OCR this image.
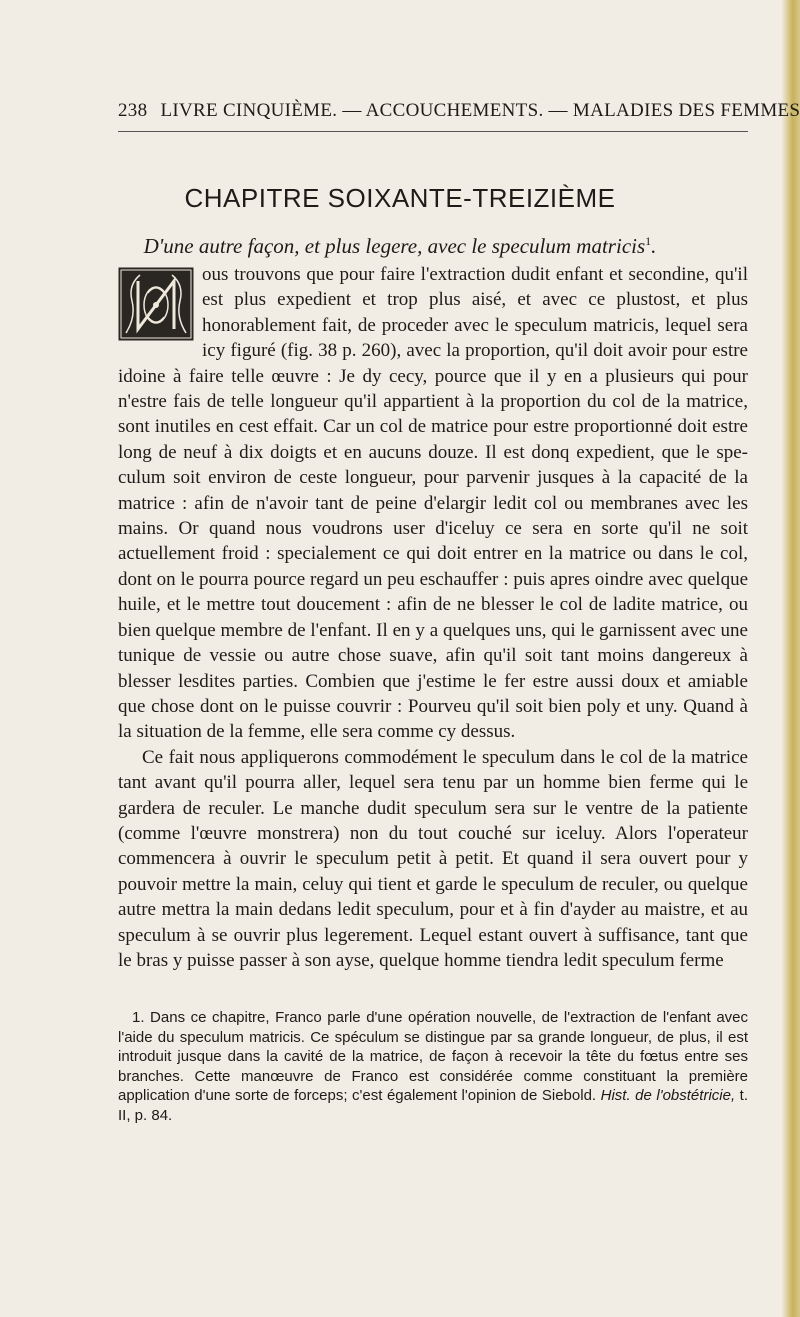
238 LIVRE CINQUIÈME. — ACCOUCHEMENTS. — MALADIES DES FEMMES
CHAPITRE SOIXANTE-TREIZIÈME
D'une autre façon, et plus legere, avec le speculum matricis$^1$.

ous trouvons que pour faire l'extraction dudit enfant et secondine, qu'il est plus expedient et trop plus aisé, et avec ce plustost, et plus honorablement fait, de proceder avec le speculum matricis, lequel sera icy figuré (fig. 38 p. 260), avec la proportion, qu'il doit avoir pour estre idoine à faire telle œuvre : Je dy cecy, pource que il y en a plusieurs qui pour n'estre fais de telle longueur qu'il appartient à la proportion du col de la matrice, sont inutiles en cest effait. Car un col de matrice pour estre proportionné doit estre long de neuf à dix doigts et en aucuns douze. Il est donq expedient, que le speculum soit environ de ceste longueur, pour parvenir jusques à la capacité de la matrice : afin de n'avoir tant de peine d'elargir ledit col ou membranes avec les mains. Or quand nous voudrons user d'iceluy ce sera en sorte qu'il ne soit actuellement froid : specialement ce qui doit entrer en la matrice ou dans le col, dont on le pourra pource regard un peu eschauffer : puis apres oindre avec quelque huile, et le mettre tout doucement : afin de ne blesser le col de ladite matrice, ou bien quelque membre de l'enfant. Il en y a quelques uns, qui le garnissent avec une tunique de vessie ou autre chose suave, afin qu'il soit tant moins dangereux à blesser lesdites parties. Combien que j'estime le fer estre aussi doux et amiable que chose dont on le puisse couvrir : Pourveu qu'il soit bien poly et uny. Quand à la situation de la femme, elle sera comme cy dessus.

Ce fait nous appliquerons commodément le speculum dans le col de la matrice tant avant qu'il pourra aller, lequel sera tenu par un homme bien ferme qui le gardera de reculer. Le manche dudit speculum sera sur le ventre de la patiente (comme l'œuvre monstrera) non du tout couché sur iceluy. Alors l'operateur commencera à ouvrir le speculum petit à petit. Et quand il sera ouvert pour y pouvoir mettre la main, celuy qui tient et garde le speculum de reculer, ou quelque autre mettra la main dedans ledit speculum, pour et à fin d'ayder au maistre, et au speculum à se ouvrir plus legerement. Lequel estant ouvert à suffisance, tant que le bras y puisse passer à son ayse, quelque homme tiendra ledit speculum ferme

1. Dans ce chapitre, Franco parle d'une opération nouvelle, de l'extraction de l'enfant avec l'aide du speculum matricis. Ce spéculum se distingue par sa grande longueur, de plus, il est introduit jusque dans la cavité de la matrice, de façon à recevoir la tête du fœtus entre ses branches. Cette manœuvre de Franco est considérée comme constituant la première application d'une sorte de forceps; c'est également l'opinion de Siebold. Hist. de l'obstétricie, t. II, p. 84.
